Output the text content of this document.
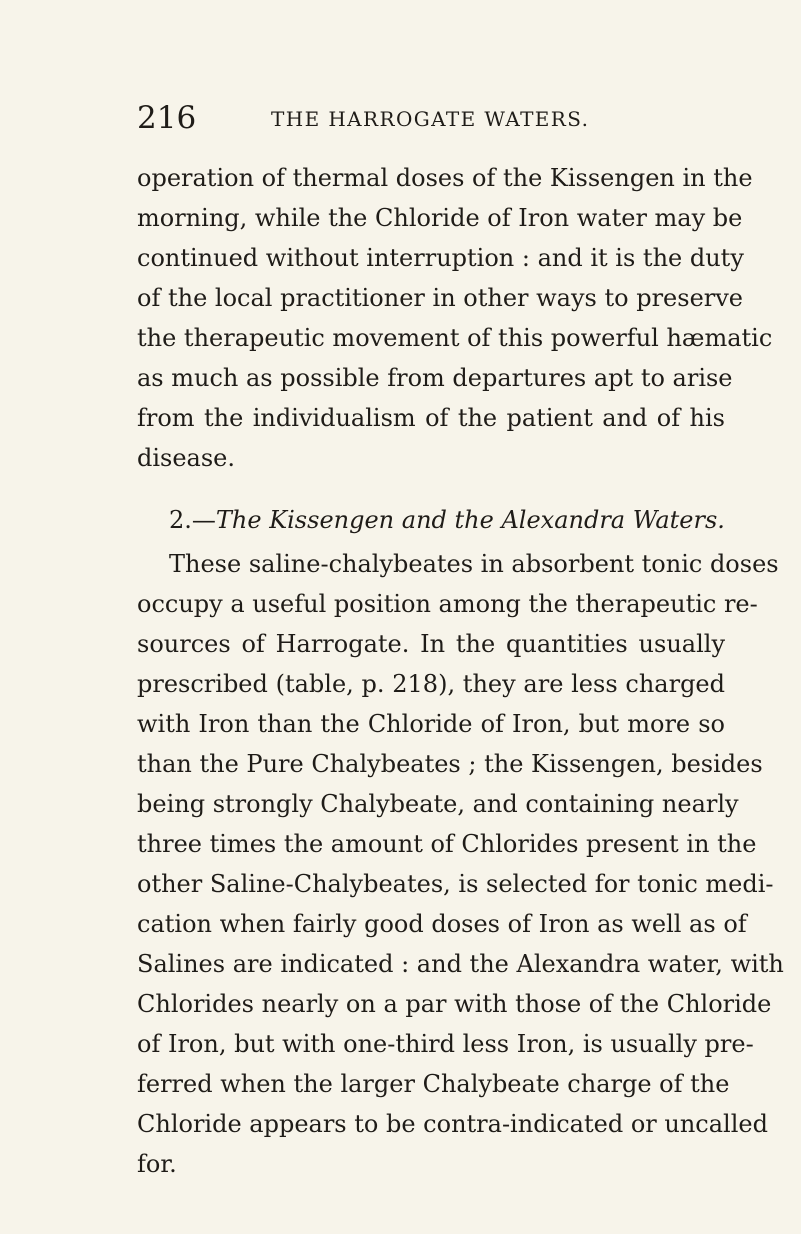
216	THE HARROGATE WATERS.
operation of thermal doses of the Kissengen in the
morning, while the Chloride of Iron water may be
continued without interruption : and it is the duty
of the local practitioner in other ways to preserve
the therapeutic movement of this powerful hæmatic
as much as possible from departures apt to arise
from the individualism of the patient and of his
disease.
2.—The Kissengen and the Alexandra Waters.
These saline-chalybeates in absorbent tonic doses
occupy a useful position among the therapeutic re-
sources of Harrogate. In the quantities usually
prescribed (table, p. 218), they are less charged
with Iron than the Chloride of Iron, but more so
than the Pure Chalybeates ; the Kissengen, besides
being strongly Chalybeate, and containing nearly
three times the amount of Chlorides present in the
other Saline-Chalybeates, is selected for tonic medi-
cation when fairly good doses of Iron as well as of
Salines are indicated : and the Alexandra water, with
Chlorides nearly on a par with those of the Chloride
of Iron, but with one-third less Iron, is usually pre-
ferred when the larger Chalybeate charge of the
Chloride appears to be contra-indicated or uncalled
for.
